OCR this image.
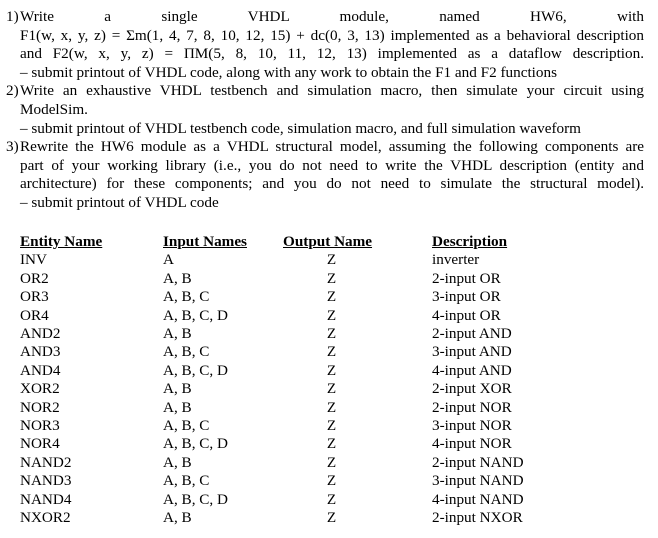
1) Write a single VHDL module, named HW6, with
F1(w, x, y, z) = Σm(1, 4, 7, 8, 10, 12, 15) + dc(0, 3, 13) implemented as a behavioral description
and F2(w, x, y, z) = ΠM(5, 8, 10, 11, 12, 13) implemented as a dataflow description.
– submit printout of VHDL code, along with any work to obtain the F1 and F2 functions
2) Write an exhaustive VHDL testbench and simulation macro, then simulate your circuit using
ModelSim.
– submit printout of VHDL testbench code, simulation macro, and full simulation waveform
3) Rewrite the HW6 module as a VHDL structural model, assuming the following components are
part of your working library (i.e., you do not need to write the VHDL description (entity and
architecture) for these components; and you do not need to simulate the structural model).
– submit printout of VHDL code
Entity Name	Input Names	Output Name	Description
INV	A	Z	inverter
OR2	A, B	Z	2-input OR
OR3	A, B, C	Z	3-input OR
OR4	A, B, C, D	Z	4-input OR
AND2	A, B	Z	2-input AND
AND3	A, B, C	Z	3-input AND
AND4	A, B, C, D	Z	4-input AND
XOR2	A, B	Z	2-input XOR
NOR2	A, B	Z	2-input NOR
NOR3	A, B, C	Z	3-input NOR
NOR4	A, B, C, D	Z	4-input NOR
NAND2	A, B	Z	2-input NAND
NAND3	A, B, C	Z	3-input NAND
NAND4	A, B, C, D	Z	4-input NAND
NXOR2	A, B	Z	2-input NXOR
